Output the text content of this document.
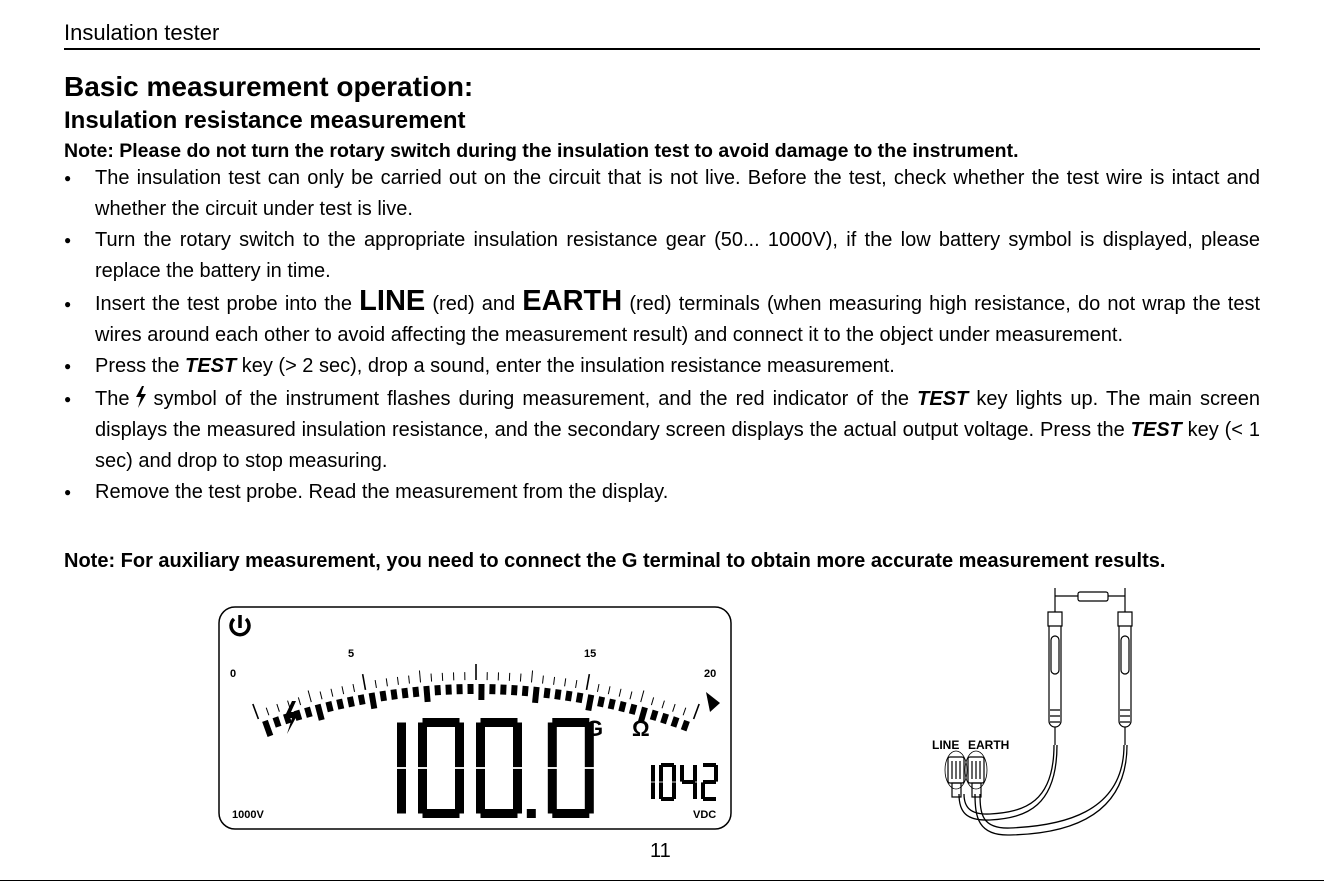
Insulation tester
Basic measurement operation:
Insulation resistance measurement
Note: Please do not turn the rotary switch during the insulation test to avoid damage to the instrument.
● The insulation test can only be carried out on the circuit that is not live. Before the test, check whether the test wire is intact and whether the circuit under test is live.
● Turn the rotary switch to the appropriate insulation resistance gear (50... 1000V), if the low battery symbol is displayed, please replace the battery in time.
● Insert the test probe into the LINE (red) and EARTH (red) terminals (when measuring high resistance, do not wrap the test wires around each other to avoid affecting the measurement result) and connect it to the object under measurement.
● Press the TEST key (> 2 sec), drop a sound, enter the insulation resistance measurement.
● The symbol of the instrument flashes during measurement, and the red indicator of the TEST key lights up. The main screen displays the measured insulation resistance, and the secondary screen displays the actual output voltage. Press the TEST key (< 1 sec) and drop to stop measuring.
● Remove the test probe. Read the measurement from the display.
Note: For auxiliary measurement, you need to connect the G terminal to obtain more accurate measurement results.
0
5	15
20
G Ω
VDC
1000V
LINE EARTH
11
